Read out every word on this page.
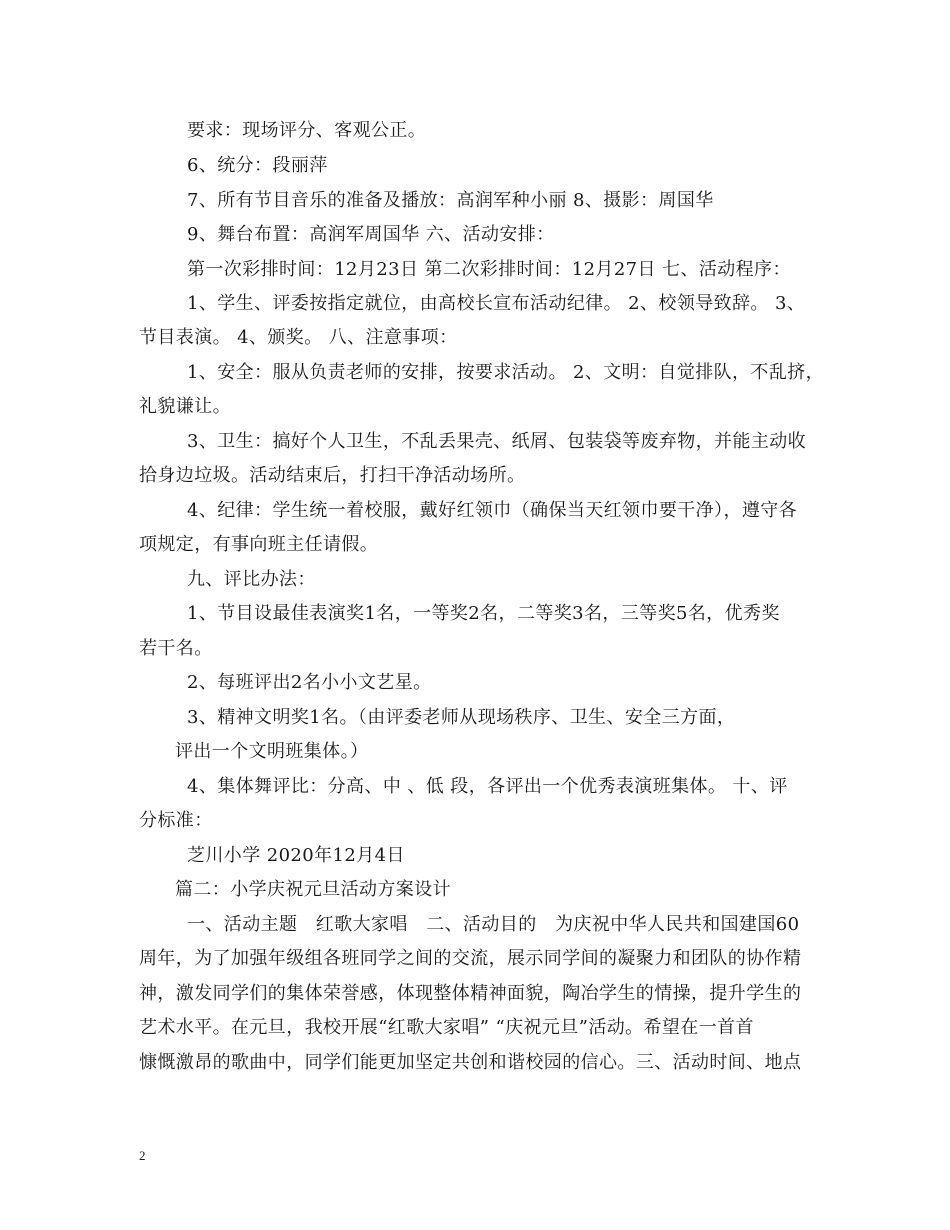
要求：现场评分、客观公正。
6、统分：段丽萍
7、所有节目音乐的准备及播放：高润军种小丽 8、摄影：周国华
9、舞台布置：高润军周国华 六、活动安排：
第一次彩排时间：12月23日 第二次彩排时间：12月27日 七、活动程序：
1、学生、评委按指定就位，由高校长宣布活动纪律。 2、校领导致辞。 3、
节目表演。 4、颁奖。 八、注意事项：
1、安全：服从负责老师的安排，按要求活动。 2、文明：自觉排队，不乱挤，
礼貌谦让。
3、卫生：搞好个人卫生，不乱丢果壳、纸屑、包装袋等废弃物，并能主动收
拾身边垃圾。活动结束后，打扫干净活动场所。
4、纪律：学生统一着校服，戴好红领巾（确保当天红领巾要干净），遵守各
项规定，有事向班主任请假。
九、评比办法：
1、节目设最佳表演奖1名，一等奖2名，二等奖3名，三等奖5名，优秀奖
若干名。
2、每班评出2名小小文艺星。
3、精神文明奖1名。（由评委老师从现场秩序、卫生、安全三方面，
评出一个文明班集体。）
4、集体舞评比：分高、中 、低 段，各评出一个优秀表演班集体。 十、评
分标准：
芝川小学 2020年12月4日
篇二：小学庆祝元旦活动方案设计
一、活动主题　红歌大家唱　二、活动目的　为庆祝中华人民共和国建国60
周年，为了加强年级组各班同学之间的交流，展示同学间的凝聚力和团队的协作精
神，激发同学们的集体荣誉感，体现整体精神面貌，陶冶学生的情操，提升学生的
艺术水平。在元旦，我校开展“红歌大家唱” “庆祝元旦”活动。希望在一首首
慷慨激昂的歌曲中，同学们能更加坚定共创和谐校园的信心。三、活动时间、地点
2
